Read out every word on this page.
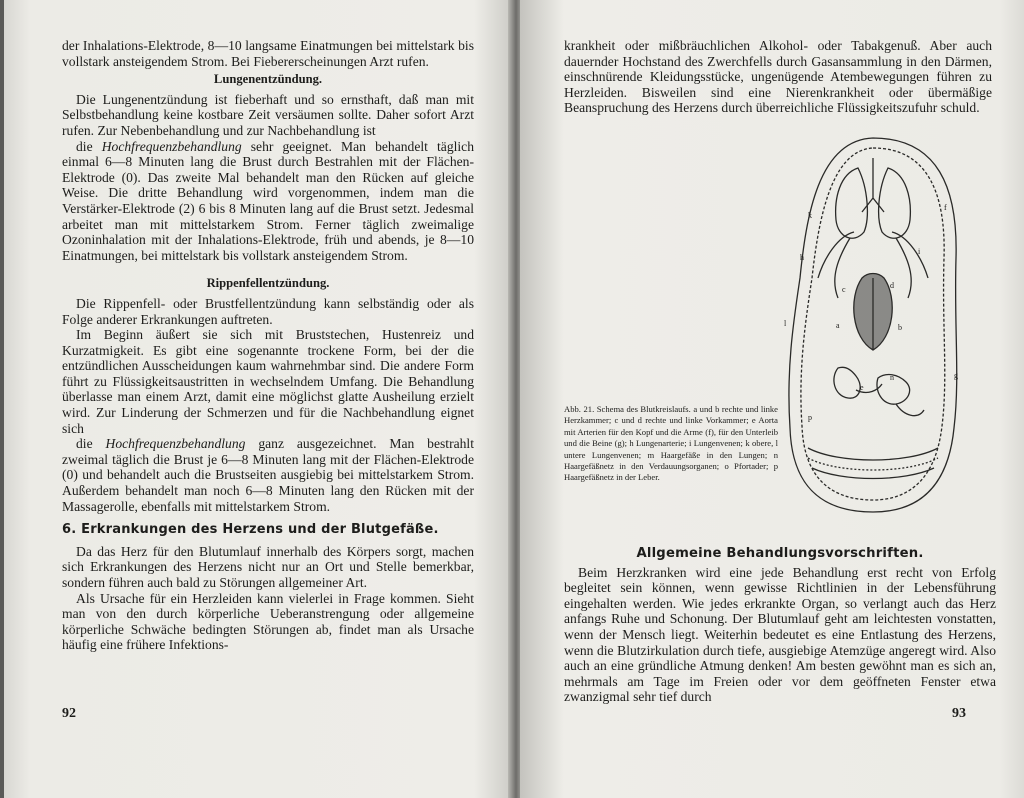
der Inhalations-Elektrode, 8—10 langsame Einatmungen bei mittelstark bis vollstark ansteigendem Strom. Bei Fiebererscheinungen Arzt rufen.

Lungenentzündung.

Die Lungenentzündung ist fieberhaft und so ernsthaft, daß man mit Selbstbehandlung keine kostbare Zeit versäumen sollte. Daher sofort Arzt rufen. Zur Nebenbehandlung und zur Nachbehandlung ist

die Hochfrequenzbehandlung sehr geeignet. Man behandelt täglich einmal 6—8 Minuten lang die Brust durch Bestrahlen mit der Flächen-Elektrode (0). Das zweite Mal behandelt man den Rücken auf gleiche Weise. Die dritte Behandlung wird vorgenommen, indem man die Verstärker-Elektrode (2) 6 bis 8 Minuten lang auf die Brust setzt. Jedesmal arbeitet man mit mittelstarkem Strom. Ferner täglich zweimalige Ozoninhalation mit der Inhalations-Elektrode, früh und abends, je 8—10 Einatmungen, bei mittelstark bis vollstark ansteigendem Strom.

Rippenfellentzündung.

Die Rippenfell- oder Brustfellentzündung kann selbständig oder als Folge anderer Erkrankungen auftreten.

Im Beginn äußert sie sich mit Bruststechen, Hustenreiz und Kurzatmigkeit. Es gibt eine sogenannte trockene Form, bei der die entzündlichen Ausscheidungen kaum wahrnehmbar sind. Die andere Form führt zu Flüssigkeitsaustritten in wechselndem Umfang. Die Behandlung überlasse man einem Arzt, damit eine möglichst glatte Ausheilung erzielt wird. Zur Linderung der Schmerzen und für die Nachbehandlung eignet sich

die Hochfrequenzbehandlung ganz ausgezeichnet. Man bestrahlt zweimal täglich die Brust je 6—8 Minuten lang mit der Flächen-Elektrode (0) und behandelt auch die Brustseiten ausgiebig bei mittelstarkem Strom. Außerdem behandelt man noch 6—8 Minuten lang den Rücken mit der Massagerolle, ebenfalls mit mittelstarkem Strom.

6. Erkrankungen des Herzens und der Blutgefäße.

Da das Herz für den Blutumlauf innerhalb des Körpers sorgt, machen sich Erkrankungen des Herzens nicht nur an Ort und Stelle bemerkbar, sondern führen auch bald zu Störungen allgemeiner Art.

Als Ursache für ein Herzleiden kann vielerlei in Frage kommen. Sieht man von den durch körperliche Ueberanstrengung oder allgemeine körperliche Schwäche bedingten Störungen ab, findet man als Ursache häufig eine frühere Infektions-

92

krankheit oder mißbräuchlichen Alkohol- oder Tabakgenuß. Aber auch dauernder Hochstand des Zwerchfells durch Gasansammlung in den Därmen, einschnürende Kleidungsstücke, ungenügende Atembewegungen führen zu Herzleiden. Bisweilen sind eine Nierenkrankheit oder übermäßige Beanspruchung des Herzens durch überreichliche Flüssigkeitszufuhr schuld.

k
f
h
i
c	d
l	a	b
e
n	g
p
Abb. 21. Schema des Blutkreislaufs. a und b rechte und linke Herzkammer; c und d rechte und linke Vorkammer; e Aorta mit Arterien für den Kopf und die Arme (f), für den Unterleib und die Beine (g); h Lungenarterie; i Lungenvenen; k obere, l untere Lungenvenen; m Haargefäße in den Lungen; n Haargefäßnetz in den Verdauungsorganen; o Pfortader; p Haargefäßnetz in der Leber.
Allgemeine Behandlungsvorschriften.

Beim Herzkranken wird eine jede Behandlung erst recht von Erfolg begleitet sein können, wenn gewisse Richtlinien in der Lebensführung eingehalten werden. Wie jedes erkrankte Organ, so verlangt auch das Herz anfangs Ruhe und Schonung. Der Blutumlauf geht am leichtesten vonstatten, wenn der Mensch liegt. Weiterhin bedeutet es eine Entlastung des Herzens, wenn die Blutzirkulation durch tiefe, ausgiebige Atemzüge angeregt wird. Also auch an eine gründliche Atmung denken! Am besten gewöhnt man es sich an, mehrmals am Tage im Freien oder vor dem geöffneten Fenster etwa zwanzigmal sehr tief durch

93
